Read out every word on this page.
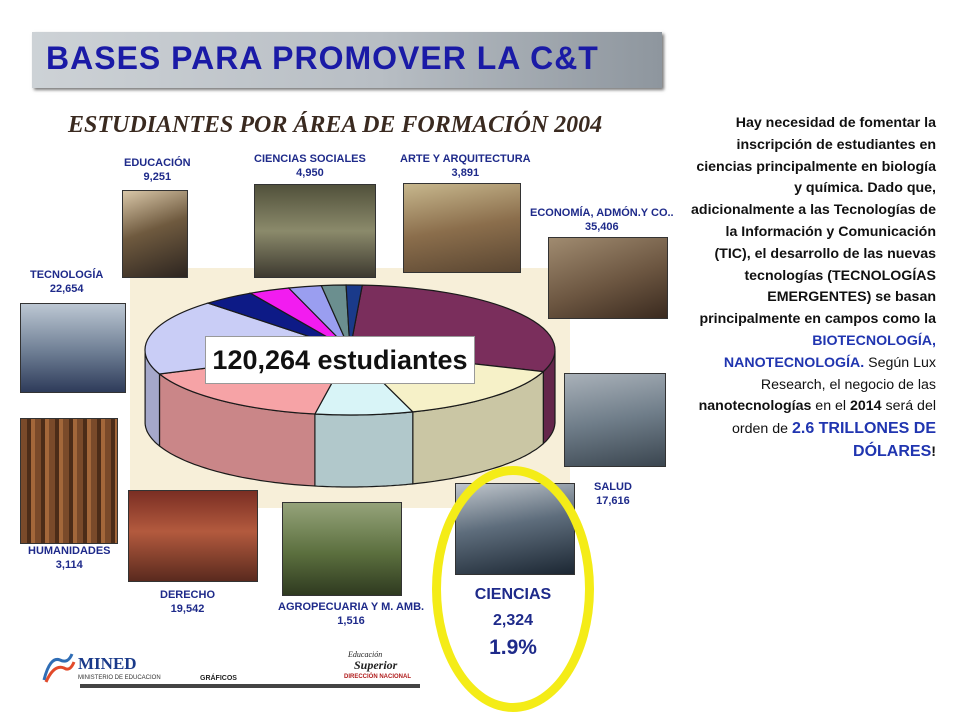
BASES PARA PROMOVER LA C&T
ESTUDIANTES POR ÁREA DE FORMACIÓN 2004
EDUCACIÓN
9,251
CIENCIAS SOCIALES
4,950
ARTE Y ARQUITECTURA
3,891
ECONOMÍA, ADMÓN.Y CO..
35,406
TECNOLOGÍA
22,654
SALUD
17,616
HUMANIDADES
3,114
DERECHO
19,542	AGROPECUARIA Y M. AMB.
1,516
120,264 estudiantes
CIENCIAS
2,324
1.9%
Hay necesidad de fomentar la inscripción de estudiantes en ciencias principalmente en biología y química. Dado que, adicionalmente a las Tecnologías de la Información y Comunicación (TIC), el desarrollo de las nuevas tecnologías (TECNOLOGÍAS EMERGENTES) se basan principalmente en campos como la BIOTECNOLOGÍA, NANOTECNOLOGÍA. Según Lux Research, el negocio de las nanotecnologías en el 2014 será del orden de 2.6 TRILLONES DE DÓLARES!
MINED
MINISTERIO DE EDUCACION	GRÁFICOS
Educación
Superior
DIRECCIÓN NACIONAL
